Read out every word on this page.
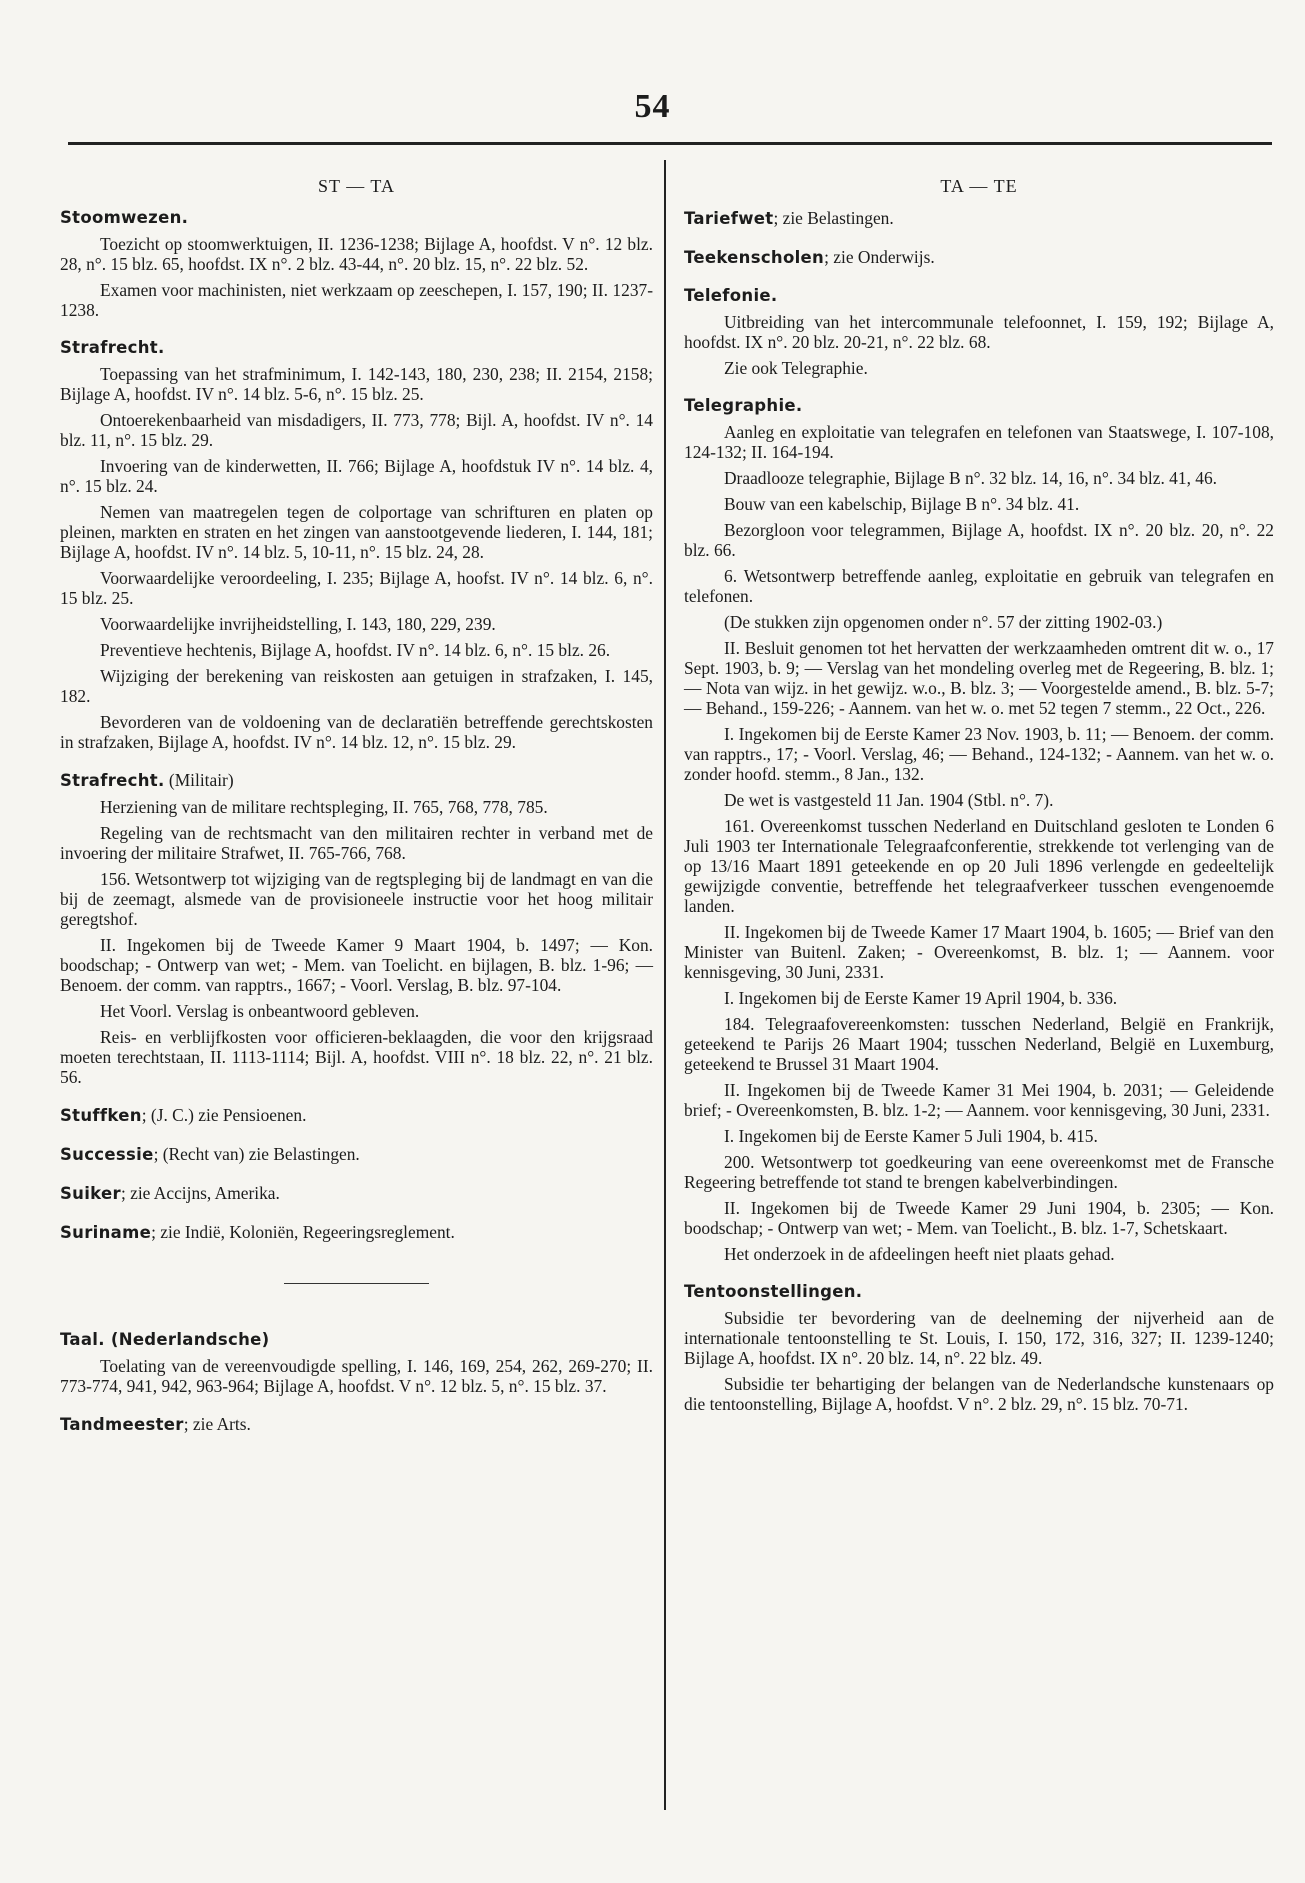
54
ST — TA
Stoomwezen.

Toezicht op stoomwerktuigen, II. 1236-1238; Bijlage A, hoofdst. V n°. 12 blz. 28, n°. 15 blz. 65, hoofdst. IX n°. 2 blz. 43-44, n°. 20 blz. 15, n°. 22 blz. 52.

Examen voor machinisten, niet werkzaam op zeeschepen, I. 157, 190; II. 1237-1238.

Strafrecht.

Toepassing van het strafminimum, I. 142-143, 180, 230, 238; II. 2154, 2158; Bijlage A, hoofdst. IV n°. 14 blz. 5-6, n°. 15 blz. 25.

Ontoerekenbaarheid van misdadigers, II. 773, 778; Bijl. A, hoofdst. IV n°. 14 blz. 11, n°. 15 blz. 29.

Invoering van de kinderwetten, II. 766; Bijlage A, hoofdstuk IV n°. 14 blz. 4, n°. 15 blz. 24.

Nemen van maatregelen tegen de colportage van schrifturen en platen op pleinen, markten en straten en het zingen van aanstootgevende liederen, I. 144, 181; Bijlage A, hoofdst. IV n°. 14 blz. 5, 10-11, n°. 15 blz. 24, 28.

Voorwaardelijke veroordeeling, I. 235; Bijlage A, hoofst. IV n°. 14 blz. 6, n°. 15 blz. 25.

Voorwaardelijke invrijheidstelling, I. 143, 180, 229, 239.

Preventieve hechtenis, Bijlage A, hoofdst. IV n°. 14 blz. 6, n°. 15 blz. 26.

Wijziging der berekening van reiskosten aan getuigen in strafzaken, I. 145, 182.

Bevorderen van de voldoening van de declaratiën betreffende gerechtskosten in strafzaken, Bijlage A, hoofdst. IV n°. 14 blz. 12, n°. 15 blz. 29.

Strafrecht. (Militair)

Herziening van de militare rechtspleging, II. 765, 768, 778, 785.

Regeling van de rechtsmacht van den militairen rechter in verband met de invoering der militaire Strafwet, II. 765-766, 768.

156. Wetsontwerp tot wijziging van de regtspleging bij de landmagt en van die bij de zeemagt, alsmede van de provisioneele instructie voor het hoog militair geregtshof.

II. Ingekomen bij de Tweede Kamer 9 Maart 1904, b. 1497; — Kon. boodschap; - Ontwerp van wet; - Mem. van Toelicht. en bijlagen, B. blz. 1-96; — Benoem. der comm. van rapptrs., 1667; - Voorl. Verslag, B. blz. 97-104.

Het Voorl. Verslag is onbeantwoord gebleven.

Reis- en verblijfkosten voor officieren-beklaagden, die voor den krijgsraad moeten terechtstaan, II. 1113-1114; Bijl. A, hoofdst. VIII n°. 18 blz. 22, n°. 21 blz. 56.

Stuffken; (J. C.) zie Pensioenen.
Successie; (Recht van) zie Belastingen.
Suiker; zie Accijns, Amerika.
Suriname; zie Indië, Koloniën, Regeeringsreglement.
Taal. (Nederlandsche)

Toelating van de vereenvoudigde spelling, I. 146, 169, 254, 262, 269-270; II. 773-774, 941, 942, 963-964; Bijlage A, hoofdst. V n°. 12 blz. 5, n°. 15 blz. 37.

Tandmeester; zie Arts.
TA — TE
Tariefwet; zie Belastingen.
Teekenscholen; zie Onderwijs.
Telefonie.

Uitbreiding van het intercommunale telefoonnet, I. 159, 192; Bijlage A, hoofdst. IX n°. 20 blz. 20-21, n°. 22 blz. 68.

Zie ook Telegraphie.

Telegraphie.

Aanleg en exploitatie van telegrafen en telefonen van Staatswege, I. 107-108, 124-132; II. 164-194.

Draadlooze telegraphie, Bijlage B n°. 32 blz. 14, 16, n°. 34 blz. 41, 46.

Bouw van een kabelschip, Bijlage B n°. 34 blz. 41.

Bezorgloon voor telegrammen, Bijlage A, hoofdst. IX n°. 20 blz. 20, n°. 22 blz. 66.

6. Wetsontwerp betreffende aanleg, exploitatie en gebruik van telegrafen en telefonen.

(De stukken zijn opgenomen onder n°. 57 der zitting 1902-03.)

II. Besluit genomen tot het hervatten der werkzaamheden omtrent dit w. o., 17 Sept. 1903, b. 9; — Verslag van het mondeling overleg met de Regeering, B. blz. 1; — Nota van wijz. in het gewijz. w.o., B. blz. 3; — Voorgestelde amend., B. blz. 5-7; — Behand., 159-226; - Aannem. van het w. o. met 52 tegen 7 stemm., 22 Oct., 226.

I. Ingekomen bij de Eerste Kamer 23 Nov. 1903, b. 11; — Benoem. der comm. van rapptrs., 17; - Voorl. Verslag, 46; — Behand., 124-132; - Aannem. van het w. o. zonder hoofd. stemm., 8 Jan., 132.

De wet is vastgesteld 11 Jan. 1904 (Stbl. n°. 7).

161. Overeenkomst tusschen Nederland en Duitschland gesloten te Londen 6 Juli 1903 ter Internationale Telegraafconferentie, strekkende tot verlenging van de op 13/16 Maart 1891 geteekende en op 20 Juli 1896 verlengde en gedeeltelijk gewijzigde conventie, betreffende het telegraafverkeer tusschen evengenoemde landen.

II. Ingekomen bij de Tweede Kamer 17 Maart 1904, b. 1605; — Brief van den Minister van Buitenl. Zaken; - Overeenkomst, B. blz. 1; — Aannem. voor kennisgeving, 30 Juni, 2331.

I. Ingekomen bij de Eerste Kamer 19 April 1904, b. 336.

184. Telegraafovereenkomsten: tusschen Nederland, België en Frankrijk, geteekend te Parijs 26 Maart 1904; tusschen Nederland, België en Luxemburg, geteekend te Brussel 31 Maart 1904.

II. Ingekomen bij de Tweede Kamer 31 Mei 1904, b. 2031; — Geleidende brief; - Overeenkomsten, B. blz. 1-2; — Aannem. voor kennisgeving, 30 Juni, 2331.

I. Ingekomen bij de Eerste Kamer 5 Juli 1904, b. 415.

200. Wetsontwerp tot goedkeuring van eene overeenkomst met de Fransche Regeering betreffende tot stand te brengen kabelverbindingen.

II. Ingekomen bij de Tweede Kamer 29 Juni 1904, b. 2305; — Kon. boodschap; - Ontwerp van wet; - Mem. van Toelicht., B. blz. 1-7, Schetskaart.

Het onderzoek in de afdeelingen heeft niet plaats gehad.

Tentoonstellingen.

Subsidie ter bevordering van de deelneming der nijverheid aan de internationale tentoonstelling te St. Louis, I. 150, 172, 316, 327; II. 1239-1240; Bijlage A, hoofdst. IX n°. 20 blz. 14, n°. 22 blz. 49.

Subsidie ter behartiging der belangen van de Nederlandsche kunstenaars op die tentoonstelling, Bijlage A, hoofdst. V n°. 2 blz. 29, n°. 15 blz. 70-71.
